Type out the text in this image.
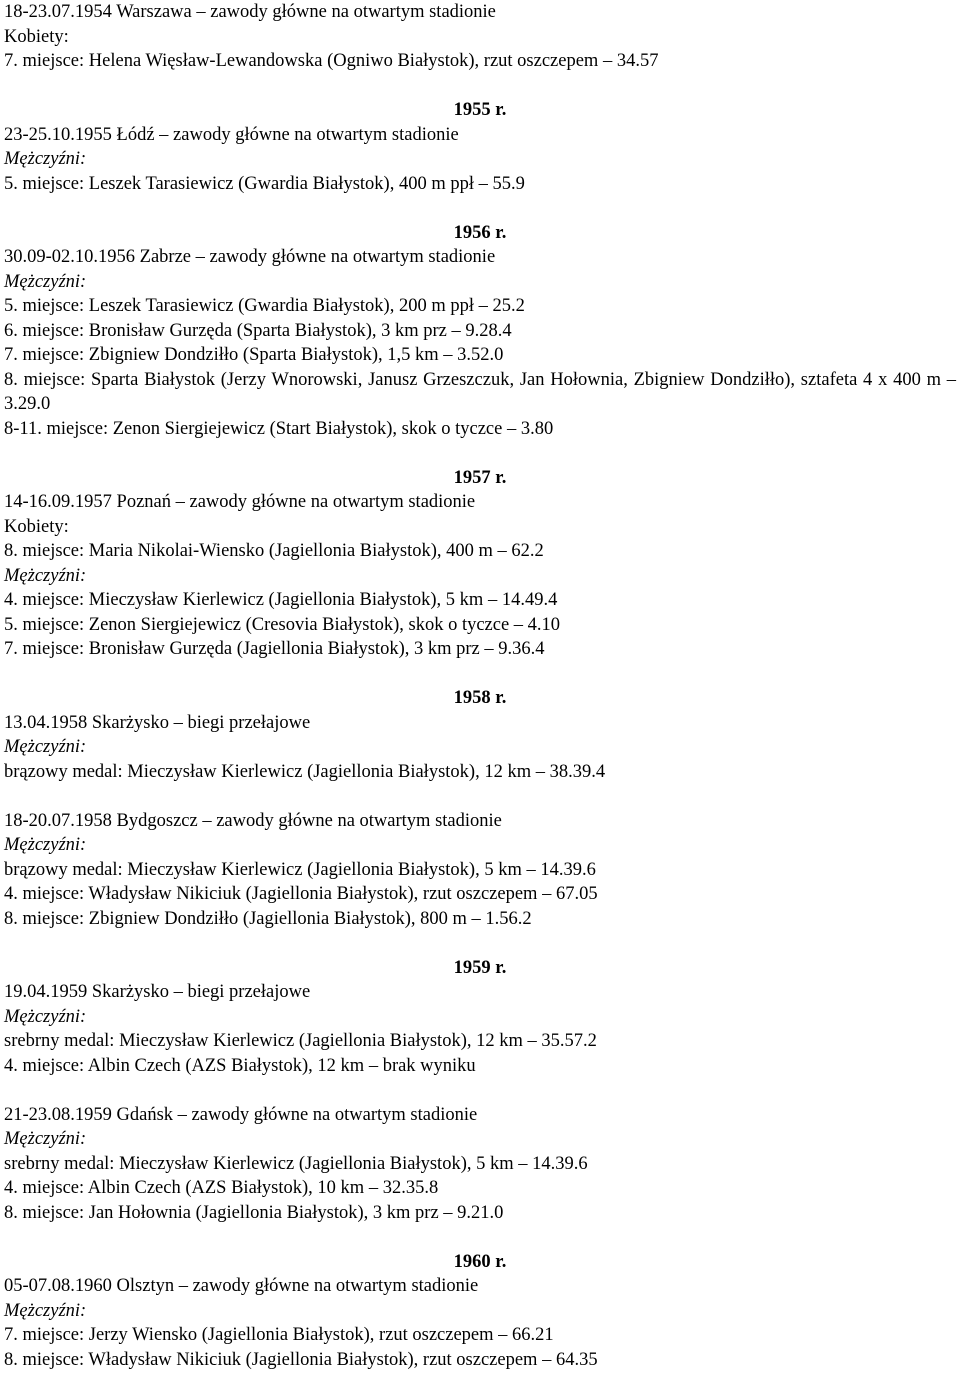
18-23.07.1954 Warszawa – zawody główne na otwartym stadionie
Kobiety:
7. miejsce: Helena Więsław-Lewandowska (Ogniwo Białystok), rzut oszczepem – 34.57
1955 r.
23-25.10.1955 Łódź – zawody główne na otwartym stadionie
Mężczyźni:
5. miejsce: Leszek Tarasiewicz (Gwardia Białystok), 400 m ppł – 55.9
1956 r.
30.09-02.10.1956 Zabrze – zawody główne na otwartym stadionie
Mężczyźni:
5. miejsce: Leszek Tarasiewicz (Gwardia Białystok), 200 m ppł – 25.2
6. miejsce: Bronisław Gurzęda (Sparta Białystok), 3 km prz – 9.28.4
7. miejsce: Zbigniew Dondziłło (Sparta Białystok), 1,5 km – 3.52.0
8. miejsce: Sparta Białystok (Jerzy Wnorowski, Janusz Grzeszczuk, Jan Hołownia, Zbigniew Dondziłło), sztafeta 4 x 400 m – 3.29.0
8-11. miejsce: Zenon Siergiejewicz (Start Białystok), skok o tyczce – 3.80
1957 r.
14-16.09.1957 Poznań – zawody główne na otwartym stadionie
Kobiety:
8. miejsce: Maria Nikolai-Wiensko (Jagiellonia Białystok), 400 m – 62.2
Mężczyźni:
4. miejsce: Mieczysław Kierlewicz (Jagiellonia Białystok), 5 km – 14.49.4
5. miejsce: Zenon Siergiejewicz (Cresovia Białystok), skok o tyczce – 4.10
7. miejsce: Bronisław Gurzęda (Jagiellonia Białystok), 3 km prz – 9.36.4
1958 r.
13.04.1958 Skarżysko – biegi przełajowe
Mężczyźni:
brązowy medal: Mieczysław Kierlewicz (Jagiellonia Białystok), 12 km – 38.39.4
18-20.07.1958 Bydgoszcz – zawody główne na otwartym stadionie
Mężczyźni:
brązowy medal: Mieczysław Kierlewicz (Jagiellonia Białystok), 5 km – 14.39.6
4. miejsce: Władysław Nikiciuk (Jagiellonia Białystok), rzut oszczepem – 67.05
8. miejsce: Zbigniew Dondziłło (Jagiellonia Białystok), 800 m – 1.56.2
1959 r.
19.04.1959 Skarżysko – biegi przełajowe
Mężczyźni:
srebrny medal: Mieczysław Kierlewicz (Jagiellonia Białystok), 12 km – 35.57.2
4. miejsce: Albin Czech (AZS Białystok), 12 km – brak wyniku
21-23.08.1959 Gdańsk – zawody główne na otwartym stadionie
Mężczyźni:
srebrny medal: Mieczysław Kierlewicz (Jagiellonia Białystok), 5 km – 14.39.6
4. miejsce: Albin Czech (AZS Białystok), 10 km – 32.35.8
8. miejsce: Jan Hołownia (Jagiellonia Białystok), 3 km prz – 9.21.0
1960 r.
05-07.08.1960 Olsztyn – zawody główne na otwartym stadionie
Mężczyźni:
7. miejsce: Jerzy Wiensko (Jagiellonia Białystok), rzut oszczepem – 66.21
8. miejsce: Władysław Nikiciuk (Jagiellonia Białystok), rzut oszczepem – 64.35
